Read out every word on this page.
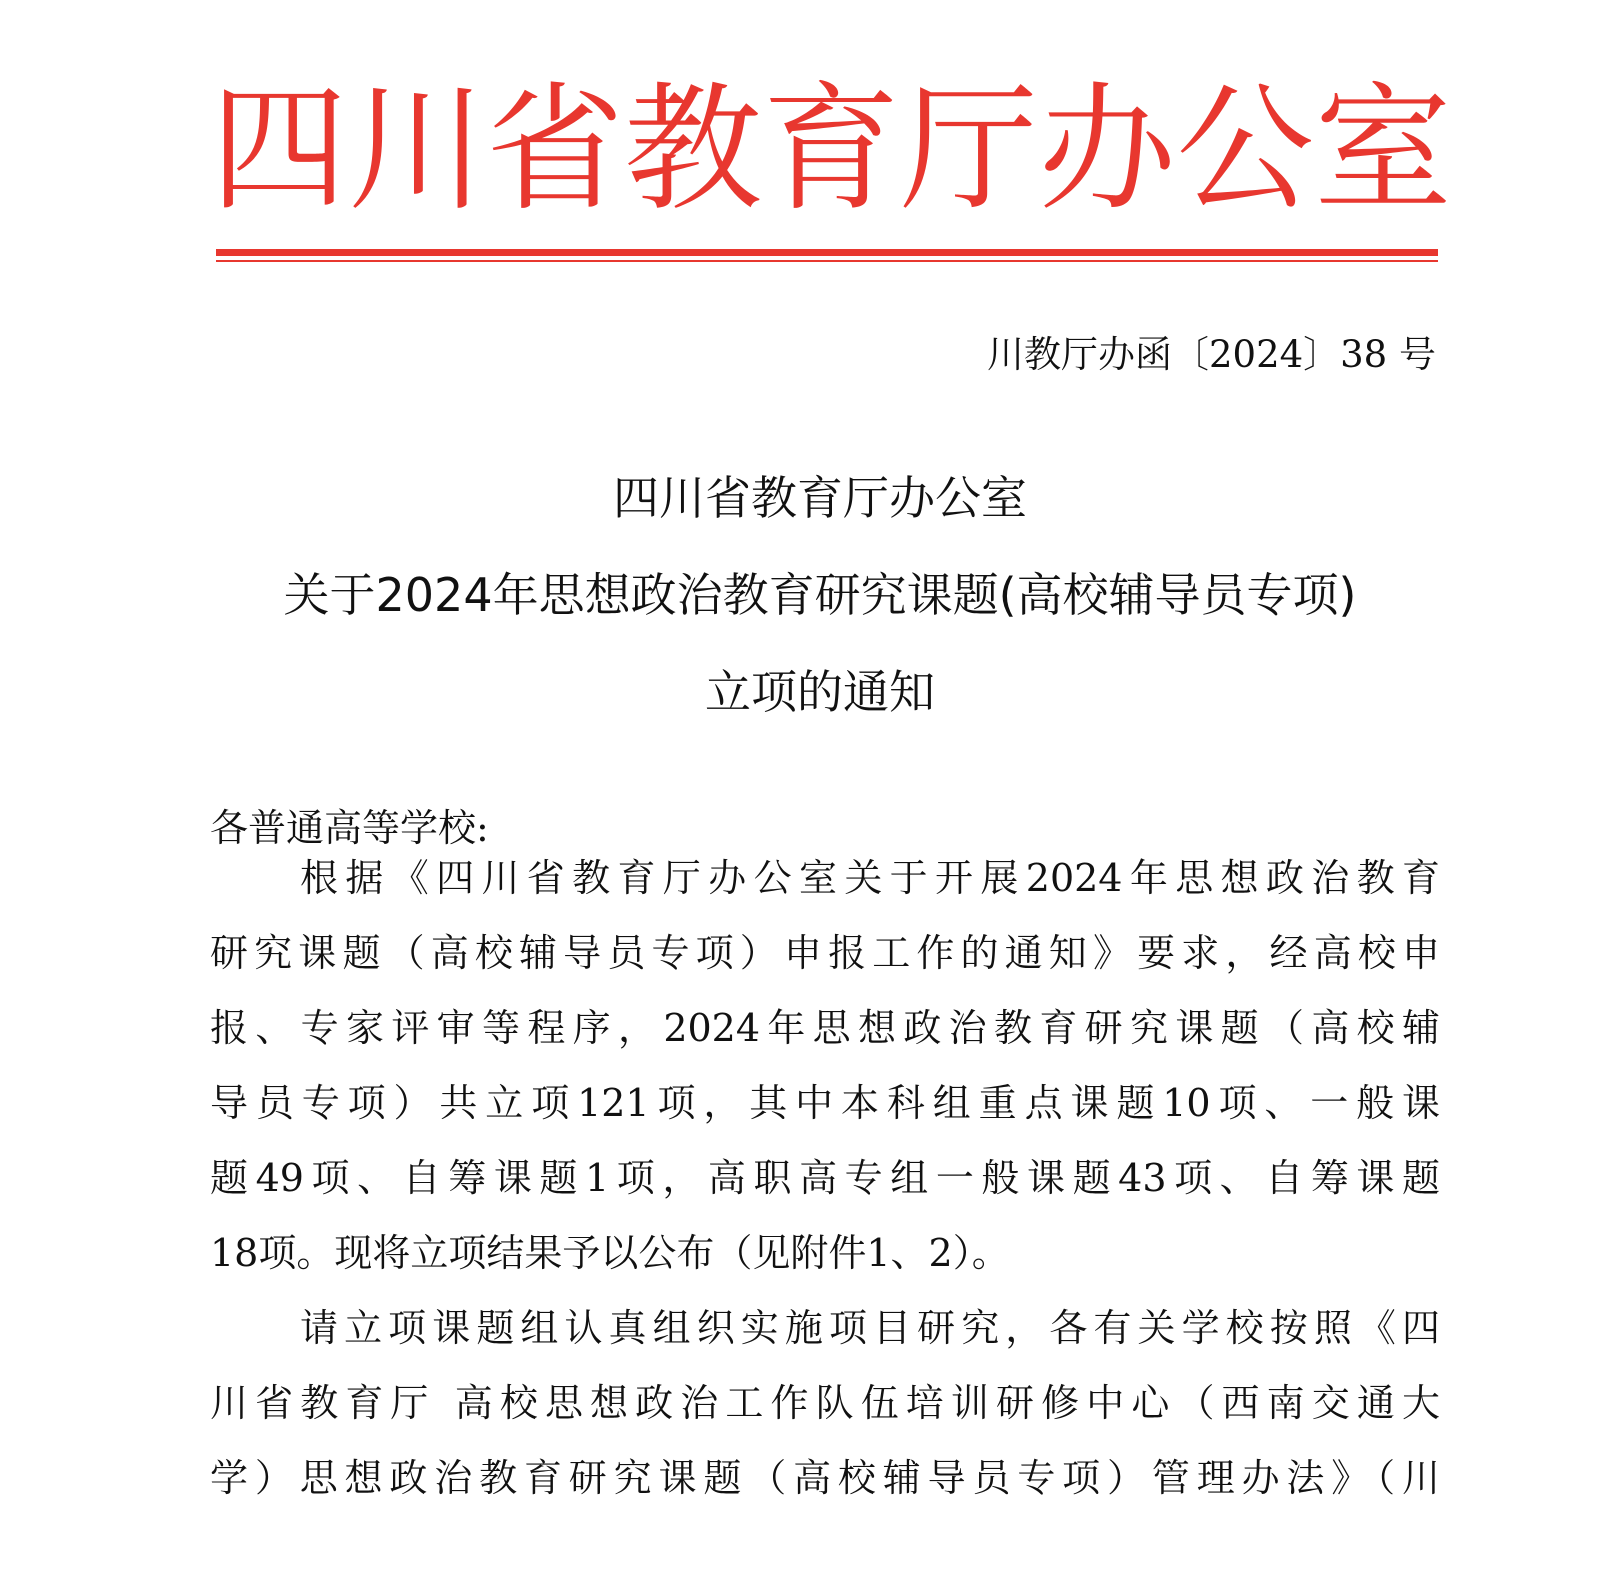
四 川 省 教 育 厅 办 公 室
川教厅办函〔2024〕38 号
四川省教育厅办公室
关于2024年思想政治教育研究课题(高校辅导员专项)
立项的通知
各普通高等学校:
根据《四川省教育厅办公室关于开展2024年思想政治教育
研究课题（高校辅导员专项）申报工作的通知》要求，经高校申
报、专家评审等程序，2024年思想政治教育研究课题（高校辅
导员专项）共立项121项，其中本科组重点课题10项、一般课
题49项、自筹课题1项，高职高专组一般课题43项、自筹课题
18项。现将立项结果予以公布（见附件1、2）。
请立项课题组认真组织实施项目研究，各有关学校按照《四
川省教育厅 高校思想政治工作队伍培训研修中心（西南交通大
学）思想政治教育研究课题（高校辅导员专项）管理办法》（川
